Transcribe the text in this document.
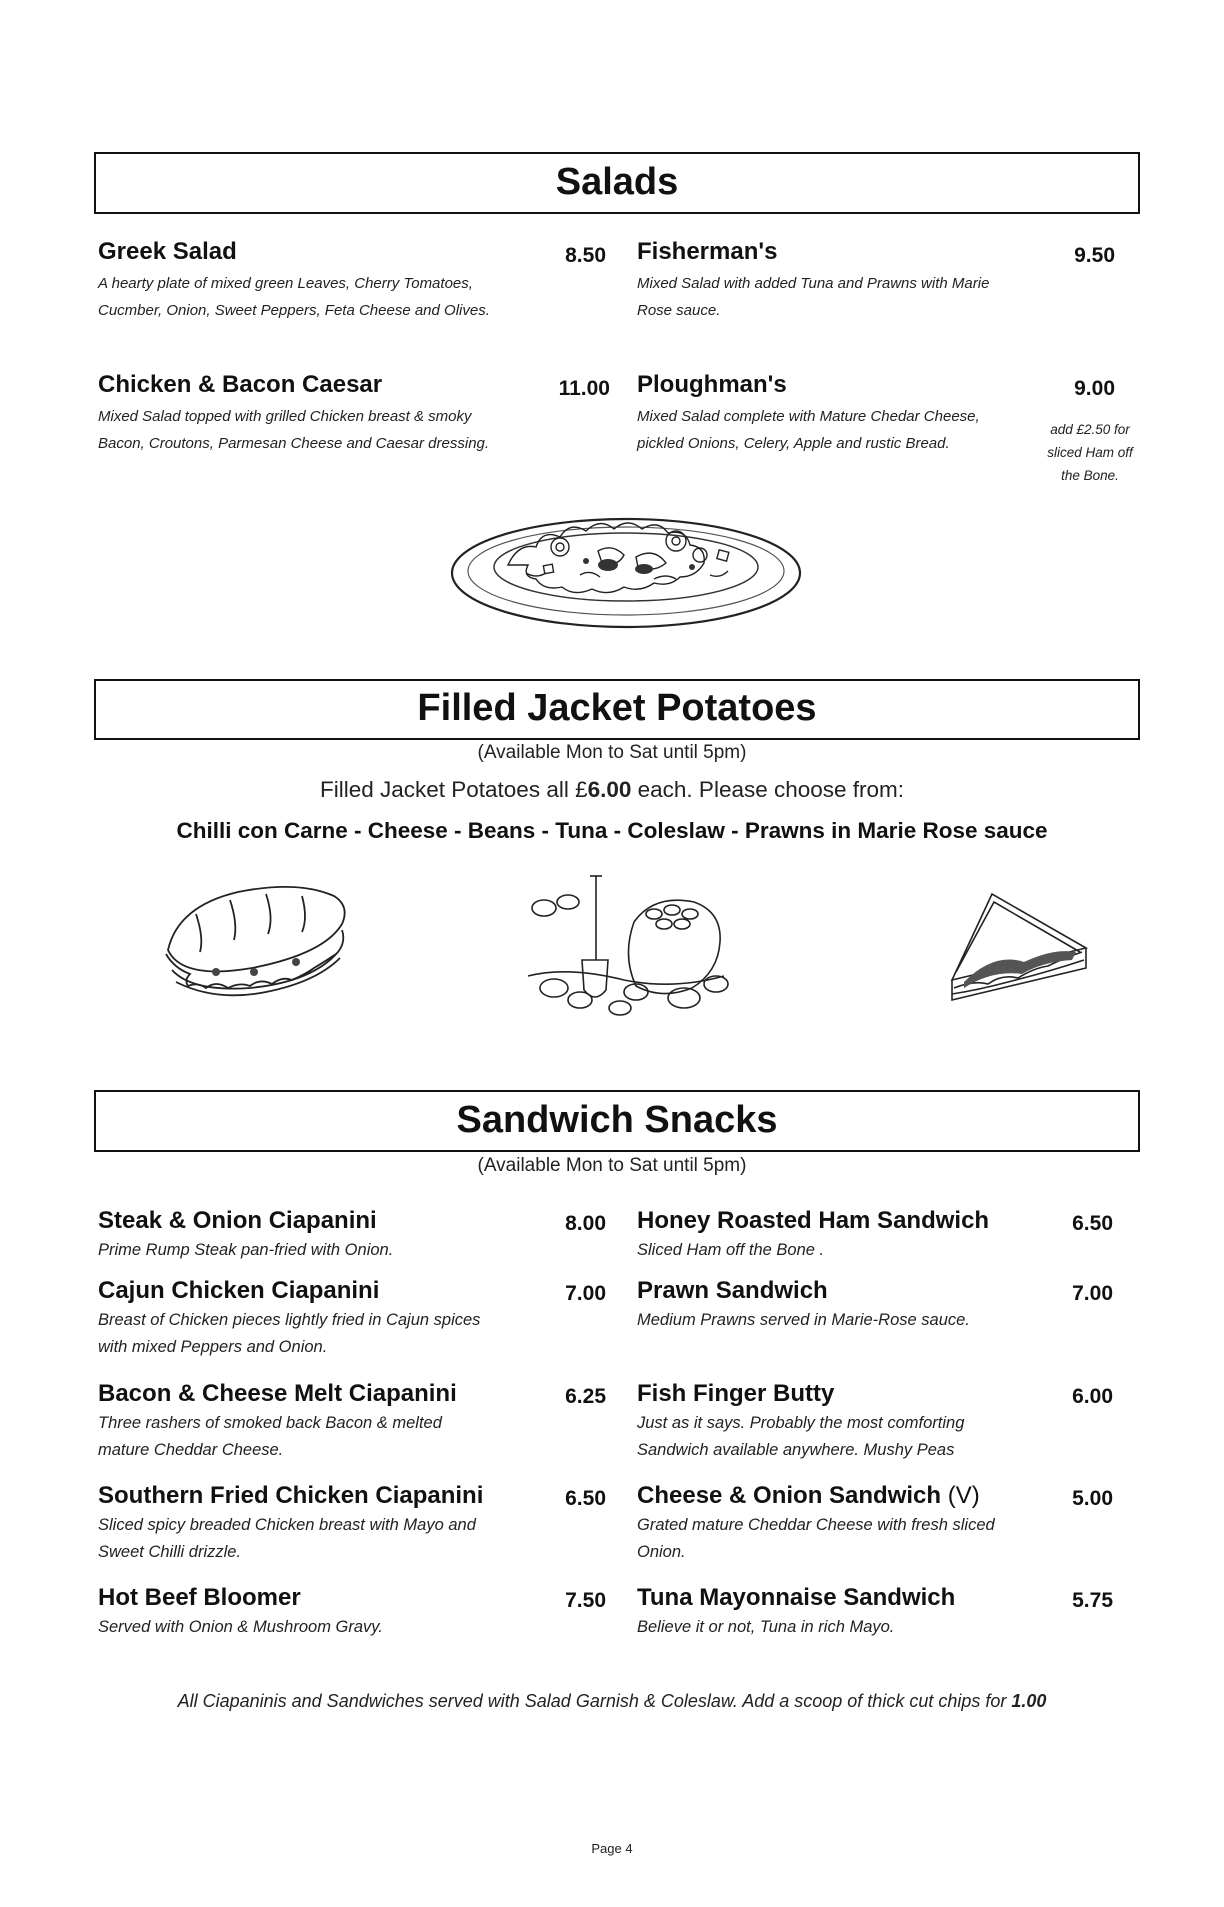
Salads
Greek Salad	8.50
A hearty plate of mixed green Leaves, Cherry Tomatoes,
Cucmber, Onion, Sweet Peppers, Feta Cheese and Olives.
Fisherman's	9.50
Mixed Salad with added Tuna and Prawns with Marie
Rose sauce.
Chicken & Bacon Caesar	11.00
Mixed Salad topped with grilled Chicken breast & smoky
Bacon, Croutons, Parmesan Cheese and Caesar dressing.
Ploughman's	9.00
Mixed Salad complete with Mature Chedar Cheese,
pickled Onions, Celery, Apple and rustic Bread.
add £2.50 for
sliced Ham off
the Bone.
Filled Jacket Potatoes
(Available Mon to Sat until 5pm)
Filled Jacket Potatoes all £6.00 each. Please choose from:
Chilli con Carne - Cheese - Beans - Tuna - Coleslaw - Prawns in Marie Rose sauce
Sandwich Snacks
(Available Mon to Sat until 5pm)
Steak & Onion Ciapanini	8.00
Prime Rump Steak pan-fried with Onion.
Cajun Chicken Ciapanini	7.00
Breast of Chicken pieces lightly fried in Cajun spices
with mixed Peppers and Onion.
Bacon & Cheese Melt Ciapanini	6.25
Three rashers of smoked back Bacon & melted
mature Cheddar Cheese.
Southern Fried Chicken Ciapanini	6.50
Sliced spicy breaded Chicken breast with Mayo and
Sweet Chilli drizzle.
Hot Beef Bloomer	7.50
Served with Onion & Mushroom Gravy.
Honey Roasted Ham Sandwich	6.50
Sliced Ham off the Bone .
Prawn Sandwich	7.00
Medium Prawns served in Marie-Rose sauce.
Fish Finger Butty	6.00
Just as it says. Probably the most comforting
Sandwich available anywhere. Mushy Peas
Cheese & Onion Sandwich (V)	5.00
Grated mature Cheddar Cheese with fresh sliced
Onion.
Tuna Mayonnaise Sandwich	5.75
Believe it or not, Tuna in rich Mayo.
All Ciapaninis and Sandwiches served with Salad Garnish & Coleslaw. Add a scoop of thick cut chips for 1.00
Page 4
